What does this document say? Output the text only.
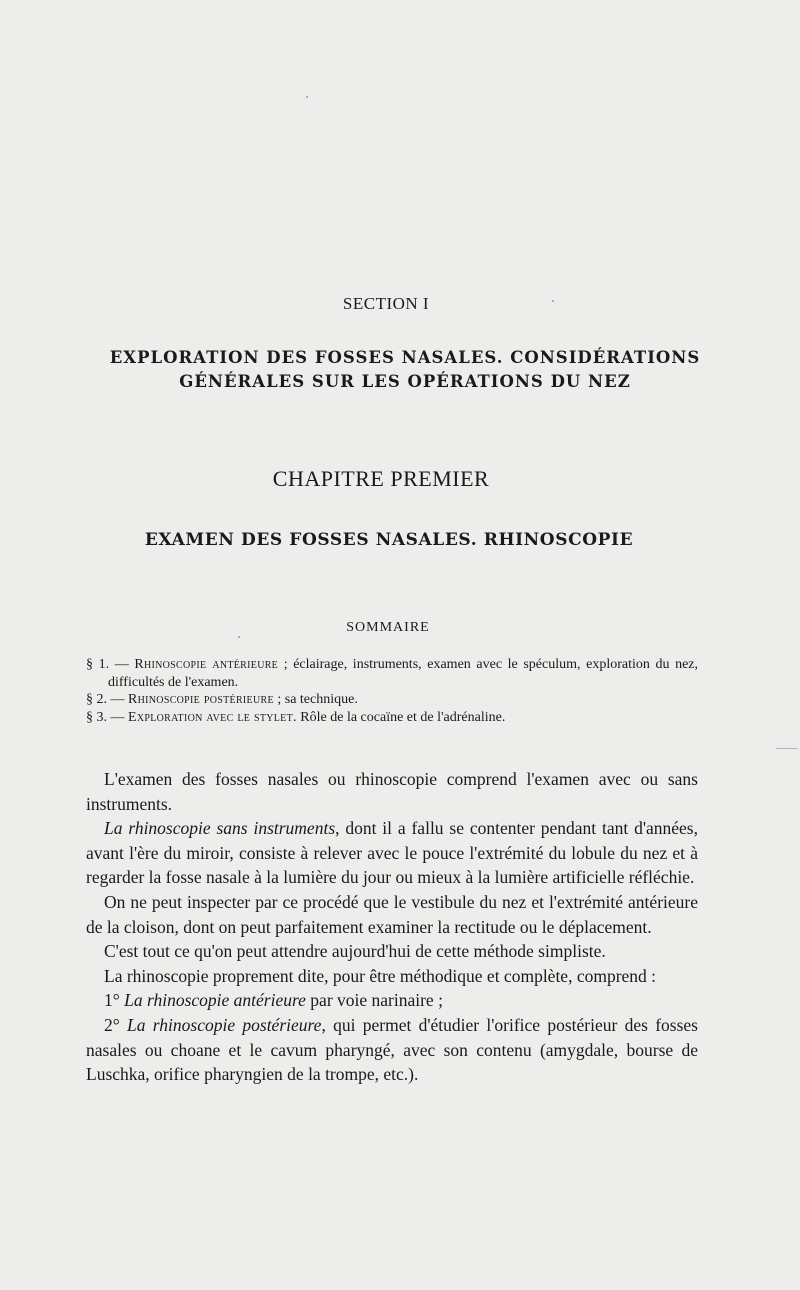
SECTION I
EXPLORATION DES FOSSES NASALES. CONSIDÉRATIONS
GÉNÉRALES SUR LES OPÉRATIONS DU NEZ
CHAPITRE PREMIER
EXAMEN DES FOSSES NASALES. RHINOSCOPIE
SOMMAIRE
§ 1. — Rhinoscopie antérieure ; éclairage, instruments, examen avec le spéculum, exploration du nez, difficultés de l'examen.
§ 2. — Rhinoscopie postérieure ; sa technique.
§ 3. — Exploration avec le stylet. Rôle de la cocaïne et de l'adrénaline.

L'examen des fosses nasales ou rhinoscopie comprend l'examen avec ou sans instruments.

La rhinoscopie sans instruments, dont il a fallu se contenter pendant tant d'années, avant l'ère du miroir, consiste à relever avec le pouce l'extrémité du lobule du nez et à regarder la fosse nasale à la lumière du jour ou mieux à la lumière artificielle réfléchie.

On ne peut inspecter par ce procédé que le vestibule du nez et l'extrémité antérieure de la cloison, dont on peut parfaitement examiner la rectitude ou le déplacement.

C'est tout ce qu'on peut attendre aujourd'hui de cette méthode simpliste.

La rhinoscopie proprement dite, pour être méthodique et complète, comprend :

1° La rhinoscopie antérieure par voie narinaire ;

2° La rhinoscopie postérieure, qui permet d'étudier l'orifice postérieur des fosses nasales ou choane et le cavum pharyngé, avec son contenu (amygdale, bourse de Luschka, orifice pharyngien de la trompe, etc.).
